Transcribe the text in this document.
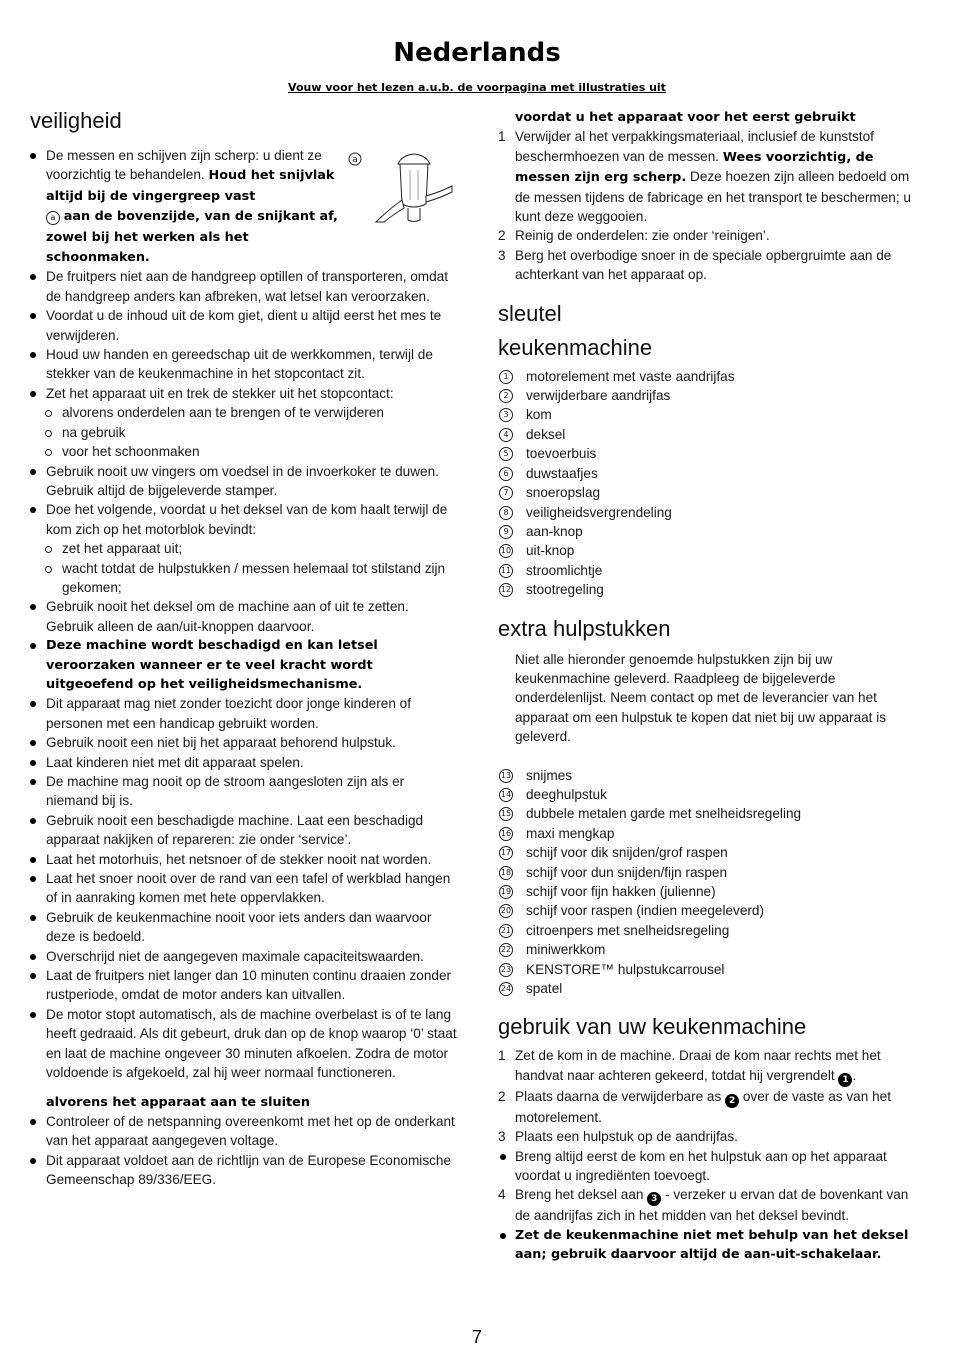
Nederlands
Vouw voor het lezen a.u.b. de voorpagina met illustraties uit
veiligheid
a
De messen en schijven zijn scherp: u dient ze voorzichtig te behandelen. Houd het snijvlak altijd bij de vingergreep vast
a aan de bovenzijde, van de snijkant af, zowel bij het werken als het schoonmaken.
De fruitpers niet aan de handgreep optillen of transporteren, omdat de handgreep anders kan afbreken, wat letsel kan veroorzaken.
Voordat u de inhoud uit de kom giet, dient u altijd eerst het mes te verwijderen.
Houd uw handen en gereedschap uit de werkkommen, terwijl de stekker van de keukenmachine in het stopcontact zit.
Zet het apparaat uit en trek de stekker uit het stopcontact:
alvorens onderdelen aan te brengen of te verwijderen
na gebruik
voor het schoonmaken
Gebruik nooit uw vingers om voedsel in de invoerkoker te duwen. Gebruik altijd de bijgeleverde stamper.
Doe het volgende, voordat u het deksel van de kom haalt terwijl de kom zich op het motorblok bevindt:
zet het apparaat uit;
wacht totdat de hulpstukken / messen helemaal tot stilstand zijn gekomen;
Gebruik nooit het deksel om de machine aan of uit te zetten. Gebruik alleen de aan/uit-knoppen daarvoor.
Deze machine wordt beschadigd en kan letsel veroorzaken wanneer er te veel kracht wordt uitgeoefend op het veiligheidsmechanisme.
Dit apparaat mag niet zonder toezicht door jonge kinderen of personen met een handicap gebruikt worden.
Gebruik nooit een niet bij het apparaat behorend hulpstuk.
Laat kinderen niet met dit apparaat spelen.
De machine mag nooit op de stroom aangesloten zijn als er niemand bij is.
Gebruik nooit een beschadigde machine. Laat een beschadigd apparaat nakijken of repareren: zie onder ‘service’.
Laat het motorhuis, het netsnoer of de stekker nooit nat worden.
Laat het snoer nooit over de rand van een tafel of werkblad hangen of in aanraking komen met hete oppervlakken.
Gebruik de keukenmachine nooit voor iets anders dan waarvoor deze is bedoeld.
Overschrijd niet de aangegeven maximale capaciteitswaarden.
Laat de fruitpers niet langer dan 10 minuten continu draaien zonder rustperiode, omdat de motor anders kan uitvallen.
De motor stopt automatisch, als de machine overbelast is of te lang heeft gedraaid. Als dit gebeurt, druk dan op de knop waarop ‘0’ staat en laat de machine ongeveer 30 minuten afkoelen. Zodra de motor voldoende is afgekoeld, zal hij weer normaal functioneren.
alvorens het apparaat aan te sluiten
Controleer of de netspanning overeenkomt met het op de onderkant van het apparaat aangegeven voltage.
Dit apparaat voldoet aan de richtlijn van de Europese Economische Gemeenschap 89/336/EEG.
voordat u het apparaat voor het eerst gebruikt
1 Verwijder al het verpakkingsmateriaal, inclusief de kunststof beschermhoezen van de messen. Wees voorzichtig, de messen zijn erg scherp. Deze hoezen zijn alleen bedoeld om de messen tijdens de fabricage en het transport te beschermen; u kunt deze weggooien.
2 Reinig de onderdelen: zie onder ‘reinigen’.
3 Berg het overbodige snoer in de speciale opbergruimte aan de achterkant van het apparaat op.
sleutel
keukenmachine
1	motorelement met vaste aandrijfas
2	verwijderbare aandrijfas
3	kom
4	deksel
5	toevoerbuis
6	duwstaafjes
7	snoeropslag
8	veiligheidsvergrendeling
9	aan-knop
10 uit-knop
11 stroomlichtje
12 stootregeling
extra hulpstukken
Niet alle hieronder genoemde hulpstukken zijn bij uw keukenmachine geleverd. Raadpleeg de bijgeleverde onderdelenlijst. Neem contact op met de leverancier van het apparaat om een hulpstuk te kopen dat niet bij uw apparaat is geleverd.
13 snijmes
14 deeghulpstuk
15 dubbele metalen garde met snelheidsregeling
16 maxi mengkap
17 schijf voor dik snijden/grof raspen
18 schijf voor dun snijden/fijn raspen
19 schijf voor fijn hakken (julienne)
20 schijf voor raspen (indien meegeleverd)
21 citroenpers met snelheidsregeling
22 miniwerkkom
23 KENSTORE™ hulpstukcarrousel
24 spatel
gebruik van uw keukenmachine
1 Zet de kom in de machine. Draai de kom naar rechts met het handvat naar achteren gekeerd, totdat hij vergrendelt 1 .
2 Plaats daarna de verwijderbare as 2 over de vaste as van het motorelement.
3 Plaats een hulpstuk op de aandrijfas.
Breng altijd eerst de kom en het hulpstuk aan op het apparaat voordat u ingrediënten toevoegt.
4 Breng het deksel aan 3 - verzeker u ervan dat de bovenkant van de aandrijfas zich in het midden van het deksel bevindt.
Zet de keukenmachine niet met behulp van het deksel aan; gebruik daarvoor altijd de aan-uit-schakelaar.
7
